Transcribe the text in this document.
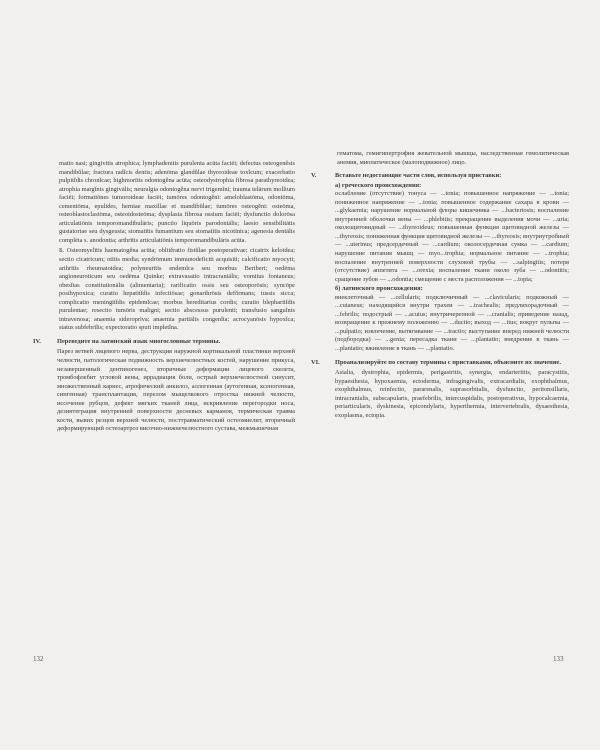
matio nasi; gingivitis atrophica; lymphadenitis purulenta acūta faciēi; defectus osteogenĕsis mandibŭlae; fractura radĭcis dentis; adenōma glandŭlae thyreoideae toxĭcum; exacerbatio pulpitĭdis chronĭcae; highmorītis odontogĕna acūta; osteodystrophia fibrosa parathyreoidea; atrophia margĭnis gingivālis; neuralgia odontogĕna nervi trigemĭni; trauma telārum mollium faciēi; formatiōnes tumoroideae faciēi; tumōres odontogĕnī: ameloblastōma, odontōma, cementōma, epulides, herniae maxillae et mandibŭlae; tumōres osteogĕni: osteōma, osteoblastoclastōma, osteoidosteōma; dysplasia fibrosa ossium faciēi; dysfunctio dolorōsa articulatiōnis temporomandibulāris; punctio liquōris parodontālis; laesio sensibilitātis gustatoriae seu dysgeusia; stomatītis fumantium seu stomatītis nicotīnica; agenesia dentālis complēta s. anodontia; arthrītis articulatiōnis temporomandibulāris acūta.

Б. Osteomyelītis haematogĕna acūta; oblitĕratio fistŭlae postoperatīvae; cicatrix keloīdea; sectio cicatricum; otītis media; syndrōmum immunodeficiti acquisīti; calcificatio myocyti; arthrītis rheumatoidea; polyneurītis endemĭca seu morbus Beriberi; oedēma angioneuroticum seu oedēma Quinke; extravasatio intracraniālis; vomitus fontaneus; obesĭtas constitutionālis (alimentaria); rarificatio ossis seu osteoporōsis; syncōpe posthypoxica; curatio hepatitĭdis infectiōsae; gonarthrōsis defŏrmans; tussis sicca; complicatio meningitĭdis epidemĭcae; morbus hereditarius cordis; curatio blepharitĭdis purulentae; resectio tumōris maligni; sectio abscessus purulenti; transfusio sanguĭnis intravenosa; anaemia sideroprīva; anaemia partiālis congenĭta; acrocyanōsis hypoxĭca; status subfebrīlis; expectoratio sputi impletĭna.

IV.	Переведите на латинский язык многословные термины.

Парез ветвей лицевого нерва, деструкция наружной кортикальной пластинки верхней челюсти, патологическая подвижность верхнечелюстных костей, нарушение прикуса, незавершенный дентиногенез, вторичные деформации лицевого скелета, тромбофлебит угловой вены, иррадиация боли, острый верхнечелюстной синусит, множественный кариес, атрофический анкилоз, аллогенная (аутогенная, ксеногенная, сингенная) трансплантация, перелом мыщелкового отростка нижней челюсти, иссечение рубцов, дефект мягких тканей лица, искривление перегородки носа, дезинтеграция внутренней поверхности десневых карманов, термическая травма кости, вывих резцов верхней челюсти, посттравматический остеомиелит, вторичный деформирующий остеоартроз височно-нижнечелюстного сустава, межмышечная

гематома, гемигипертрофия жевательной мышцы, наследственная гемолитическая анемия, миопатическое (малоподвижное) лицо.

V.	Вставьте недостающие части слов, используя приставки:

а) греческого происхождения:

ослабление (отсутствие) тонуса — ...tonia; повышенное напряжение — ...tonia; пониженное напряжение — ...tonia; повышенное содержание сахара в крови — ...glykaemia; нарушение нормальной флоры кишечника — ...bacteriosis; воспаление внутренней оболочки вены — ...phlebitis; прекращение выделения мочи — ...uria; околощитовидный — ...thyreoideus; повышенная функция щитовидной железы — ...thyreosis; пониженная функция щитовидной железы — ...thyreosis; внутриутробный — ...uterinus; предсердечный — ...cardium; околосердечная сумка — ...cardium; нарушение питания мышц — myo...trophia; нормальное питание — ...trophia; воспаление внутренней поверхности слуховой трубы — ...salpingitis; потеря (отсутствие) аппетита — ...orexia; воспаление ткани около зуба — ...odontitis; сращение зубов — ...odontia; смещение с места расположения — ...topia;

б) латинского происхождения:

внеклеточный — ...cellularis; подключичный — ...clavicularis; подкожный — ...cutaneus; находящийся внутри трахеи — ...trachealis; предлихорадочный — ...febrilis; подострый — ...acutus; внутричерепной — ...cranialis; приведение назад, возвращение к прежнему положению — ...ductio; выход — ...itus; вокруг пульпы — ...pulpatio; извлечение, вытягивание — ...tractio; выступание вперед нижней челюсти (подбородка) — ...genia; пересадка ткани — ...plantatio; внедрение в ткань — ...plantatio; вживление в ткань — ...plantatio.

VI.	Проанализируйте по составу термины с приставками, объясните их значение.

Asialia, dystrophia, epidermis, perigastritis, synergia, endarteriitis, paracystitis, hypaesthesia, hypoxaemia, ectoderma, infragingivalis, extracardialis, exophthalmus, exophthalmus, reinfectio, pararenalis, suprasorbitalis, dysfunctio, peritonsillaris, intracranialis, subscapularis, praefebrilis, intercuspidalis, postoperativus, hypocalcaemia, periarticularis, dyskinesia, epicondylaris, hyperthermia, intervertebralis, dysaesthesia, exoplasma, ectopia.

132	133
